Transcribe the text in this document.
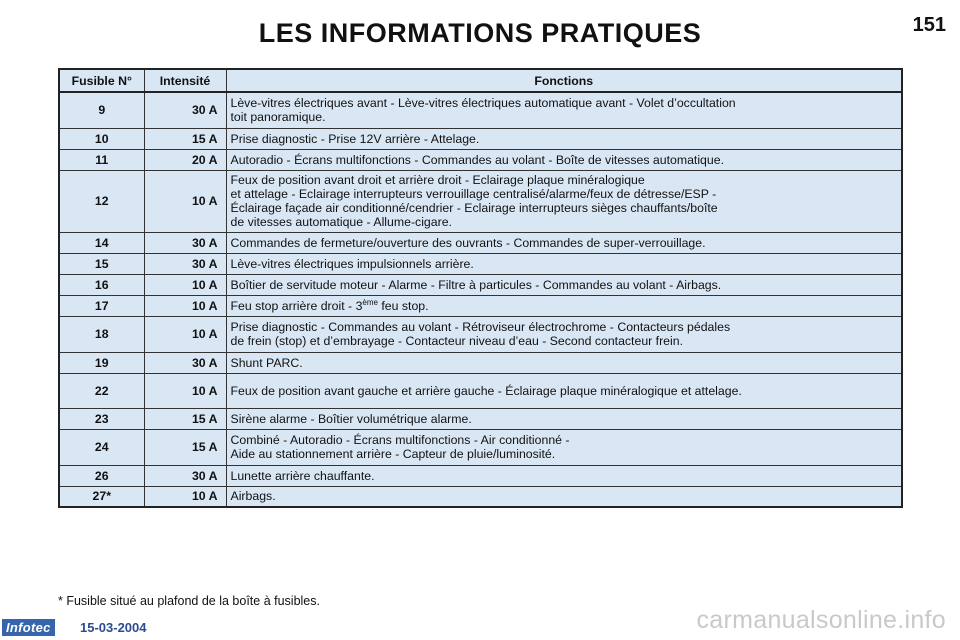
LES INFORMATIONS PRATIQUES	151
Fusible N°	Intensité	Fonctions
9	30 A	Lève-vitres électriques avant - Lève-vitres électriques automatique avant - Volet d’occultation
toit panoramique.

10	15 A	Prise diagnostic - Prise 12V arrière - Attelage.

11	20 A	Autoradio - Écrans multifonctions - Commandes au volant - Boîte de vitesses automatique.

12	10 A	Feux de position avant droit et arrière droit - Eclairage plaque minéralogique
et attelage - Eclairage interrupteurs verrouillage centralisé/alarme/feux de détresse/ESP -
Éclairage façade air conditionné/cendrier - Eclairage interrupteurs sièges chauffants/boîte
de vitesses automatique - Allume-cigare.

14	30 A	Commandes de fermeture/ouverture des ouvrants - Commandes de super-verrouillage.

15	30 A	Lève-vitres électriques impulsionnels arrière.

16	10 A	Boîtier de servitude moteur - Alarme - Filtre à particules - Commandes au volant - Airbags.

17	10 A	Feu stop arrière droit - 3ème feu stop.
18	10 A	Prise diagnostic - Commandes au volant - Rétroviseur électrochrome - Contacteurs pédales
de frein (stop) et d’embrayage - Contacteur niveau d’eau - Second contacteur frein.

19	30 A	Shunt PARC.

22	10 A	Feux de position avant gauche et arrière gauche - Éclairage plaque minéralogique et attelage.

23	15 A	Sirène alarme - Boîtier volumétrique alarme.

24	15 A	Combiné - Autoradio - Écrans multifonctions - Air conditionné -
Aide au stationnement arrière - Capteur de pluie/luminosité.

26	30 A	Lunette arrière chauffante.

27*	10 A	Airbags.
* Fusible situé au plafond de la boîte à fusibles.
Infotec	15-03-2004	carmanualsonline.info
